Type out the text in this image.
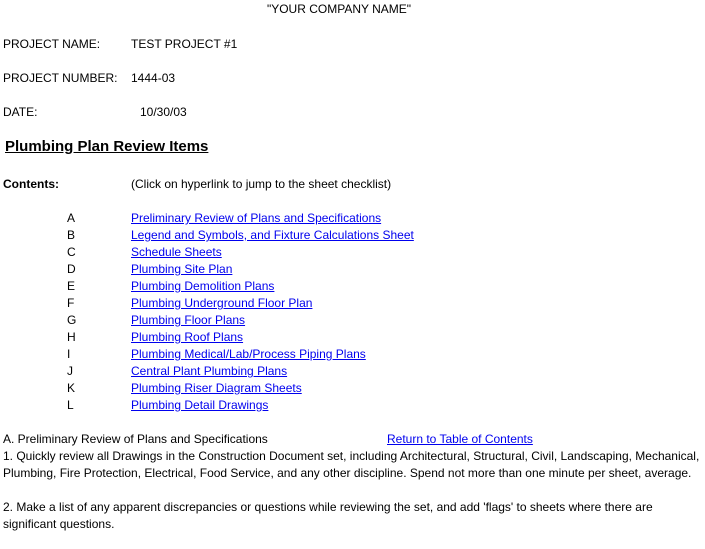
"YOUR COMPANY NAME"
PROJECT NAME:	TEST PROJECT #1
PROJECT NUMBER: 1444-03
DATE:	10/30/03
Plumbing Plan Review Items
Contents:	(Click on hyperlink to jump to the sheet checklist)
A	Preliminary Review of Plans and Specifications
B	Legend and Symbols, and Fixture Calculations Sheet
C	Schedule Sheets
D	Plumbing Site Plan
E	Plumbing Demolition Plans
F	Plumbing Underground Floor Plan
G	Plumbing Floor Plans
H	Plumbing Roof Plans
I	Plumbing Medical/Lab/Process Piping Plans
J	Central Plant Plumbing Plans
K	Plumbing Riser Diagram Sheets
L	Plumbing Detail Drawings
A. Preliminary Review of Plans and Specifications	Return to Table of Contents
1. Quickly review all Drawings in the Construction Document set, including Architectural, Structural, Civil, Landscaping, Mechanical, Plumbing, Fire Protection, Electrical, Food Service, and any other discipline. Spend not more than one minute per sheet, average.
2. Make a list of any apparent discrepancies or questions while reviewing the set, and add 'flags' to sheets where there are significant questions.
